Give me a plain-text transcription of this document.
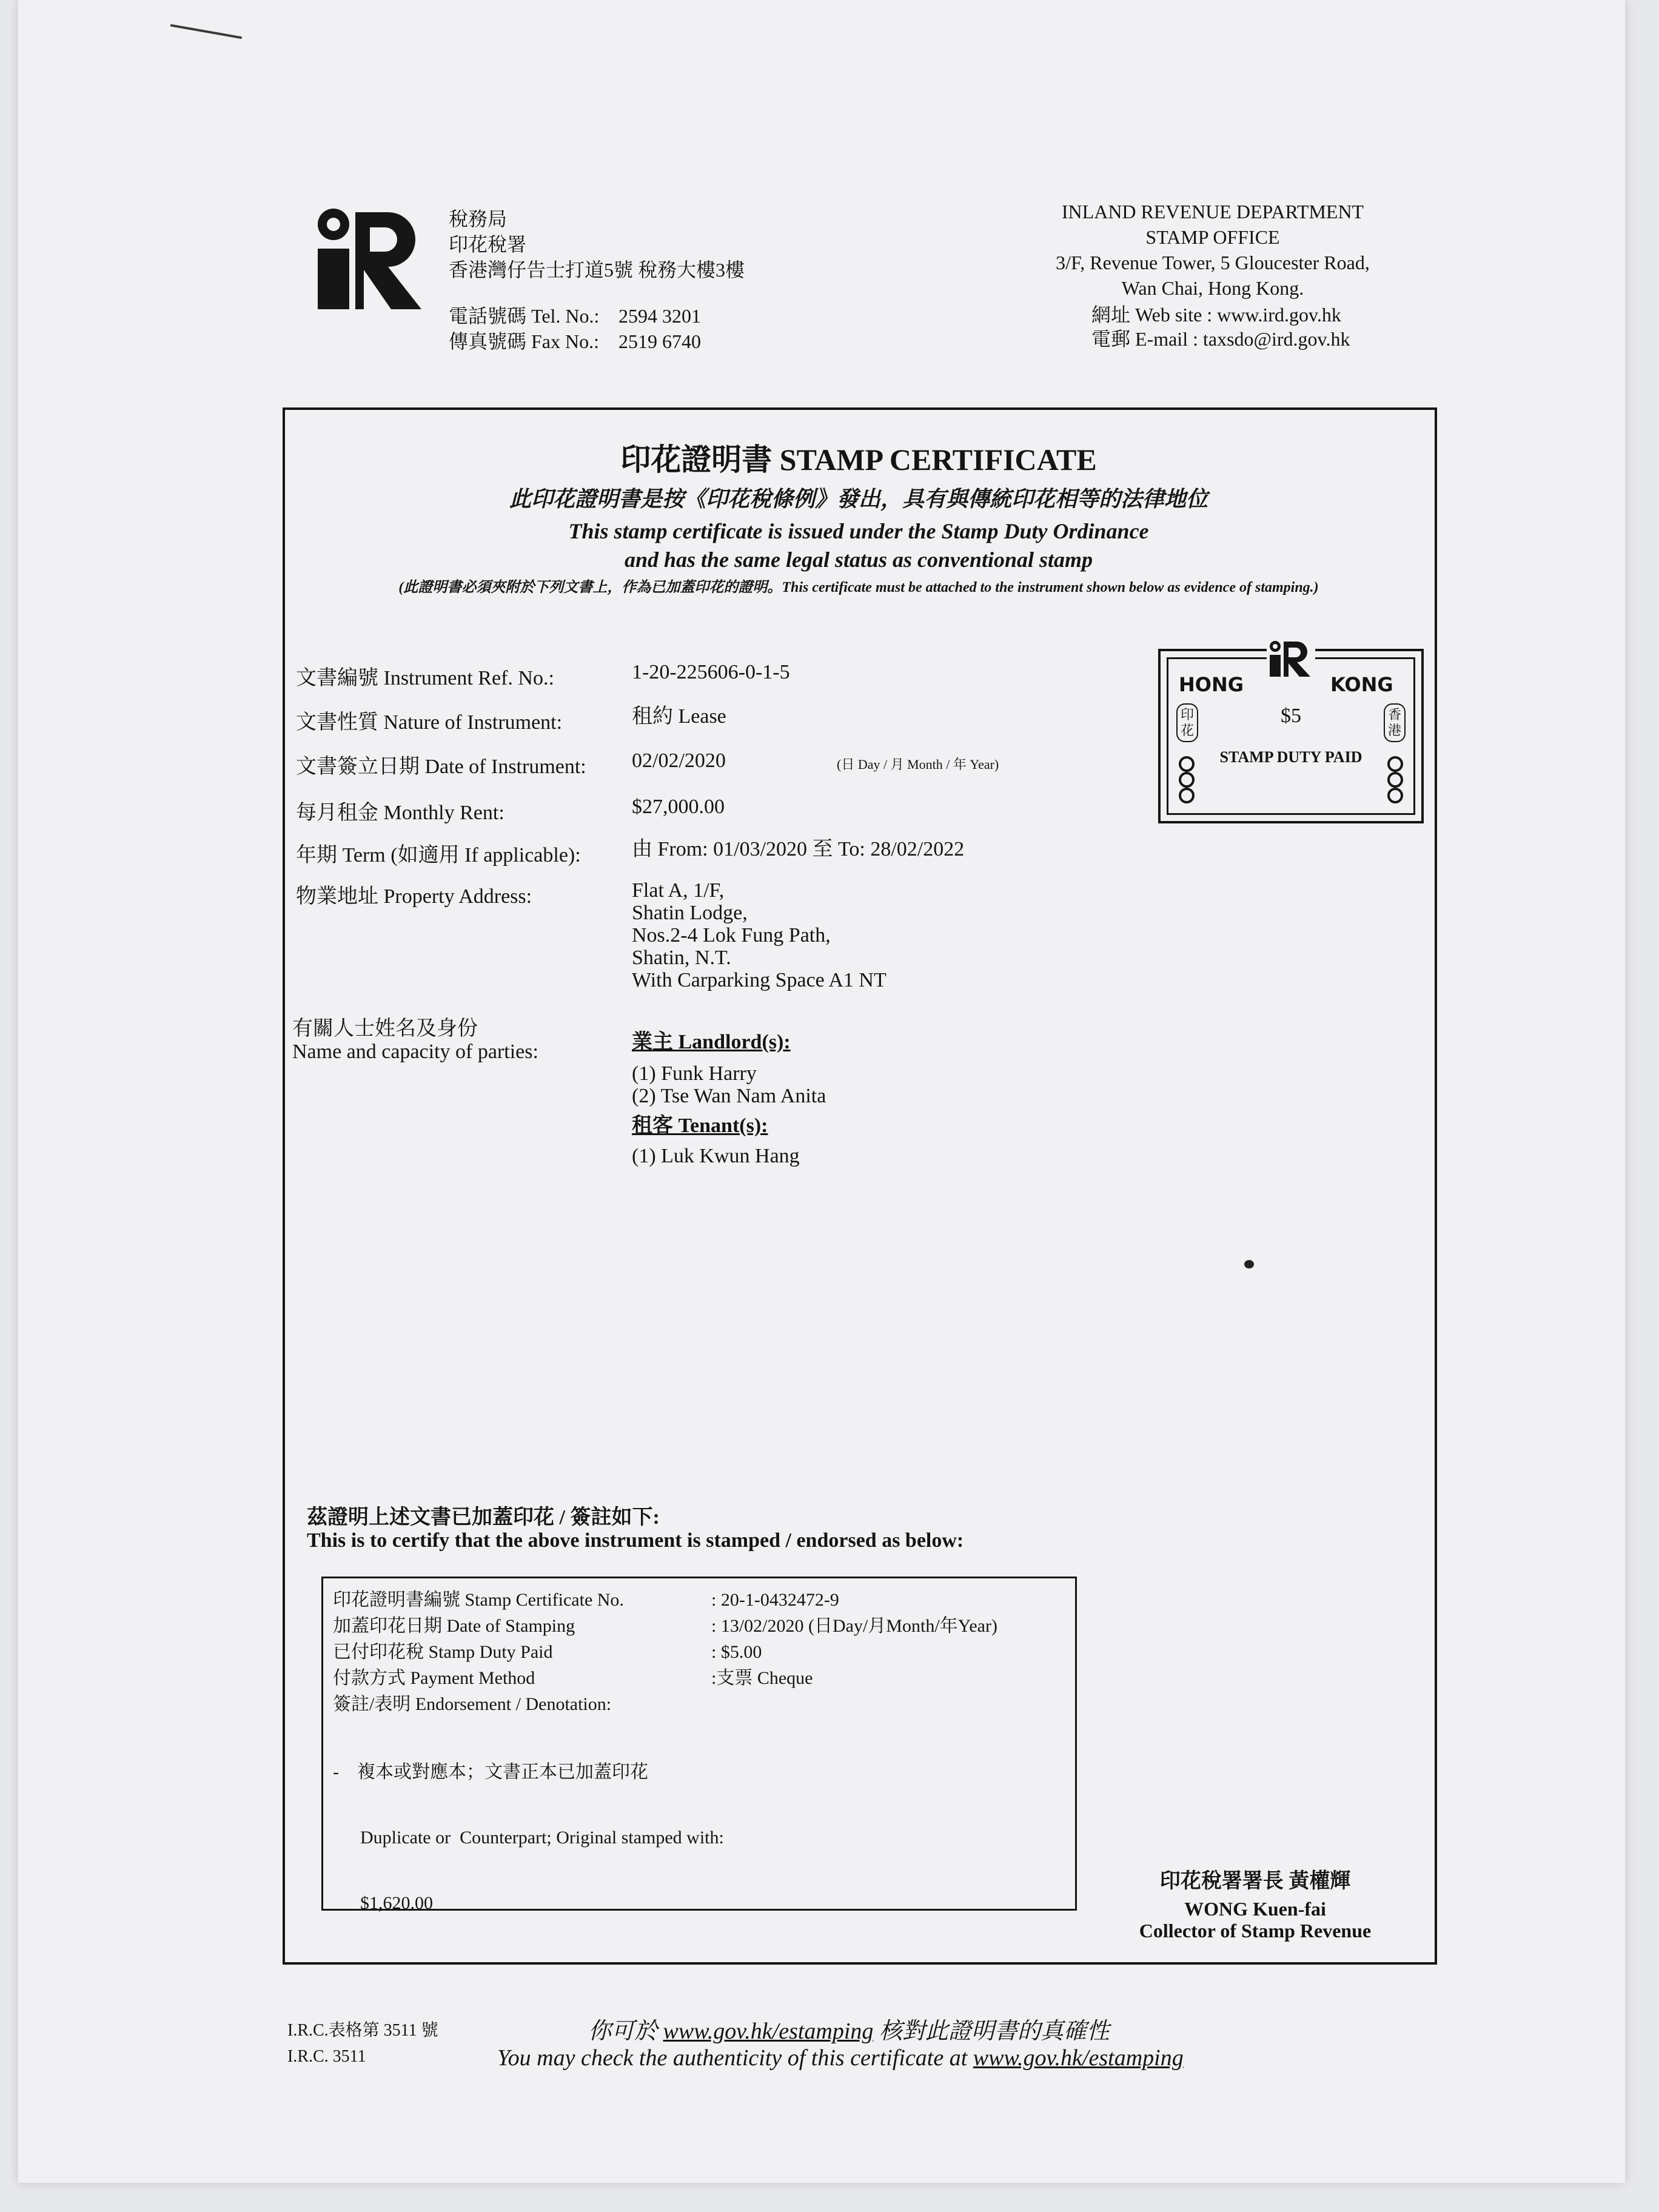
稅務局
印花稅署
香港灣仔告士打道5號 稅務大樓3樓
電話號碼 Tel. No.: 2594 3201
傳真號碼 Fax No.: 2519 6740
INLAND REVENUE DEPARTMENT
STAMP OFFICE
3/F, Revenue Tower, 5 Gloucester Road,
Wan Chai, Hong Kong.
網址 Web site : www.ird.gov.hk
電郵 E-mail : taxsdo@ird.gov.hk
印花證明書 STAMP CERTIFICATE
此印花證明書是按《印花稅條例》發出，具有與傳統印花相等的法律地位
This stamp certificate is issued under the Stamp Duty Ordinance
and has the same legal status as conventional stamp
(此證明書必須夾附於下列文書上，作為已加蓋印花的證明。This certificate must be attached to the instrument shown below as evidence of stamping.)
文書編號 Instrument Ref. No.:	1-20-225606-0-1-5
文書性質 Nature of Instrument:	租約 Lease
文書簽立日期 Date of Instrument: 02/02/2020	(日 Day / 月 Month / 年 Year)
每月租金 Monthly Rent:	$27,000.00
年期 Term (如適用 If applicable): 由 From: 01/03/2020 至 To: 28/02/2022
物業地址 Property Address:	Flat A, 1/F,
Shatin Lodge,
Nos.2-4 Lok Fung Path,
Shatin, N.T.
With Carparking Space A1 NT
有關人士姓名及身份
Name and capacity of parties:	業主 Landlord(s):
(1) Funk Harry
(2) Tse Wan Nam Anita
租客 Tenant(s):
(1) Luk Kwun Hang
HONG	KONG
$5
STAMP DUTY PAID
印花
香港
茲證明上述文書已加蓋印花 / 簽註如下:
This is to certify that the above instrument is stamped / endorsed as below:
印花證明書編號 Stamp Certificate No.	: 20-1-0432472-9
加蓋印花日期 Date of Stamping	: 13/02/2020 (日Day/月Month/年Year)
已付印花稅 Stamp Duty Paid	: $5.00
付款方式 Payment Method	:支票 Cheque
簽註/表明 Endorsement / Denotation:

-    複本或對應本；文書正本已加蓋印花

Duplicate or  Counterpart; Original stamped with:

$1,620.00

印花稅署署長 黃權輝
WONG Kuen-fai
Collector of Stamp Revenue
I.R.C.表格第 3511 號
I.R.C. 3511
你可於 www.gov.hk/estamping 核對此證明書的真確性
You may check the authenticity of this certificate at www.gov.hk/estamping
